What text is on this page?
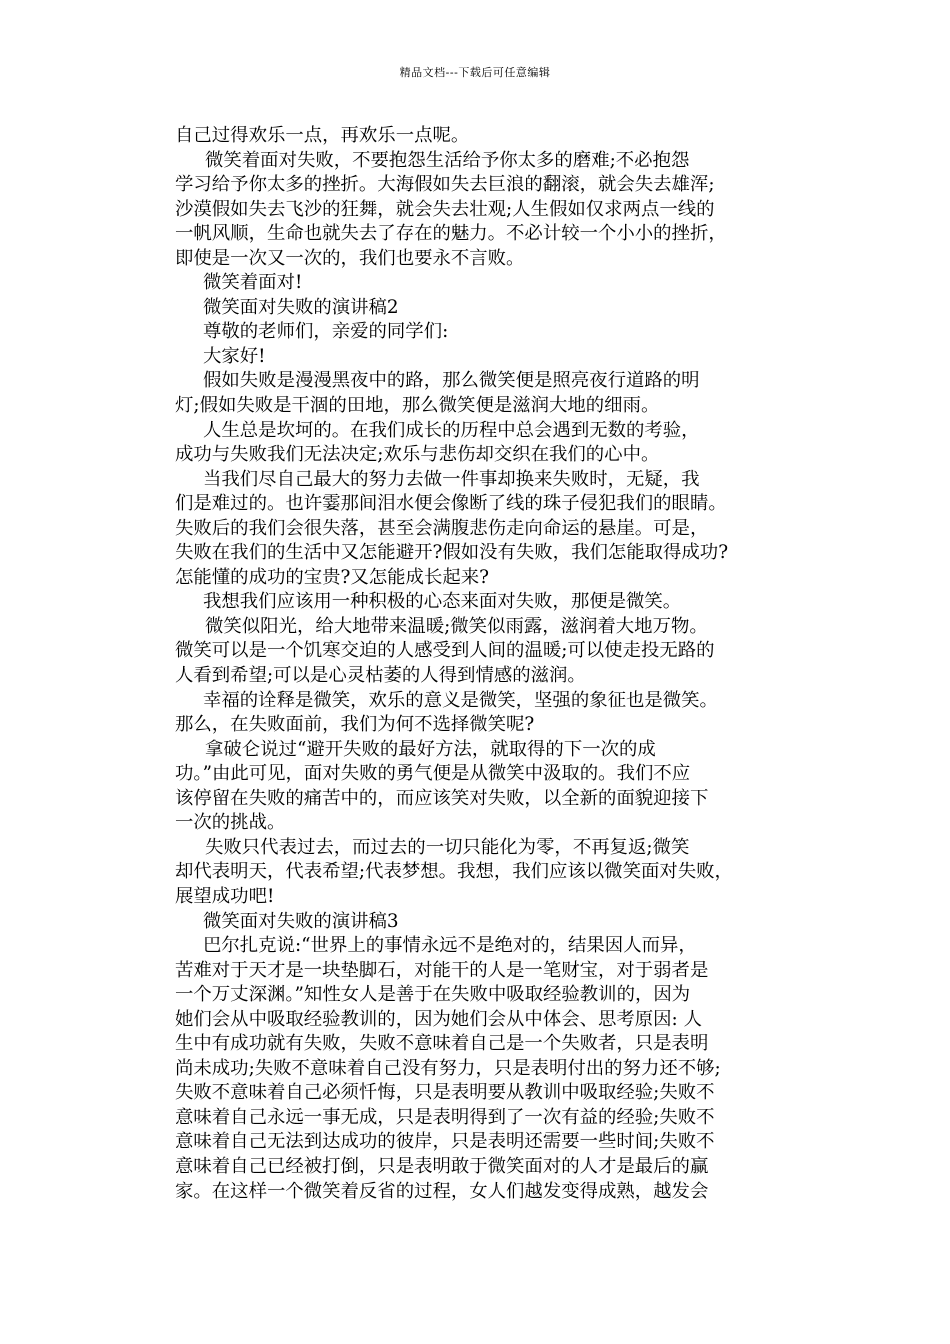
精品文档---下载后可任意编辑
自己过得欢乐一点，再欢乐一点呢。
微笑着面对失败，不要抱怨生活给予你太多的磨难;不必抱怨
学习给予你太多的挫折。大海假如失去巨浪的翻滚，就会失去雄浑;
沙漠假如失去飞沙的狂舞，就会失去壮观;人生假如仅求两点一线的
一帆风顺，生命也就失去了存在的魅力。不必计较一个小小的挫折，
即使是一次又一次的，我们也要永不言败。
微笑着面对!
微笑面对失败的演讲稿2
尊敬的老师们，亲爱的同学们:
大家好!
假如失败是漫漫黑夜中的路，那么微笑便是照亮夜行道路的明
灯;假如失败是干涸的田地，那么微笑便是滋润大地的细雨。
人生总是坎坷的。在我们成长的历程中总会遇到无数的考验，
成功与失败我们无法决定;欢乐与悲伤却交织在我们的心中。
当我们尽自己最大的努力去做一件事却换来失败时，无疑，我
们是难过的。也许霎那间泪水便会像断了线的珠子侵犯我们的眼睛。
失败后的我们会很失落，甚至会满腹悲伤走向命运的悬崖。可是，
失败在我们的生活中又怎能避开?假如没有失败，我们怎能取得成功?
怎能懂的成功的宝贵?又怎能成长起来?
我想我们应该用一种积极的心态来面对失败，那便是微笑。
微笑似阳光，给大地带来温暖;微笑似雨露，滋润着大地万物。
微笑可以是一个饥寒交迫的人感受到人间的温暖;可以使走投无路的
人看到希望;可以是心灵枯萎的人得到情感的滋润。
幸福的诠释是微笑，欢乐的意义是微笑，坚强的象征也是微笑。
那么，在失败面前，我们为何不选择微笑呢?
拿破仑说过“避开失败的最好方法，就取得的下一次的成
功。”由此可见，面对失败的勇气便是从微笑中汲取的。我们不应
该停留在失败的痛苦中的，而应该笑对失败，以全新的面貌迎接下
一次的挑战。
失败只代表过去，而过去的一切只能化为零，不再复返;微笑
却代表明天，代表希望;代表梦想。我想，我们应该以微笑面对失败，
展望成功吧!
微笑面对失败的演讲稿3
巴尔扎克说:“世界上的事情永远不是绝对的，结果因人而异，
苦难对于天才是一块垫脚石，对能干的人是一笔财宝，对于弱者是
一个万丈深渊。”知性女人是善于在失败中吸取经验教训的，因为
她们会从中吸取经验教训的，因为她们会从中体会、思考原因: 人
生中有成功就有失败，失败不意味着自己是一个失败者，只是表明
尚未成功;失败不意味着自己没有努力，只是表明付出的努力还不够;
失败不意味着自己必须忏悔，只是表明要从教训中吸取经验;失败不
意味着自己永远一事无成，只是表明得到了一次有益的经验;失败不
意味着自己无法到达成功的彼岸，只是表明还需要一些时间;失败不
意味着自己已经被打倒，只是表明敢于微笑面对的人才是最后的赢
家。在这样一个微笑着反省的过程，女人们越发变得成熟，越发会
